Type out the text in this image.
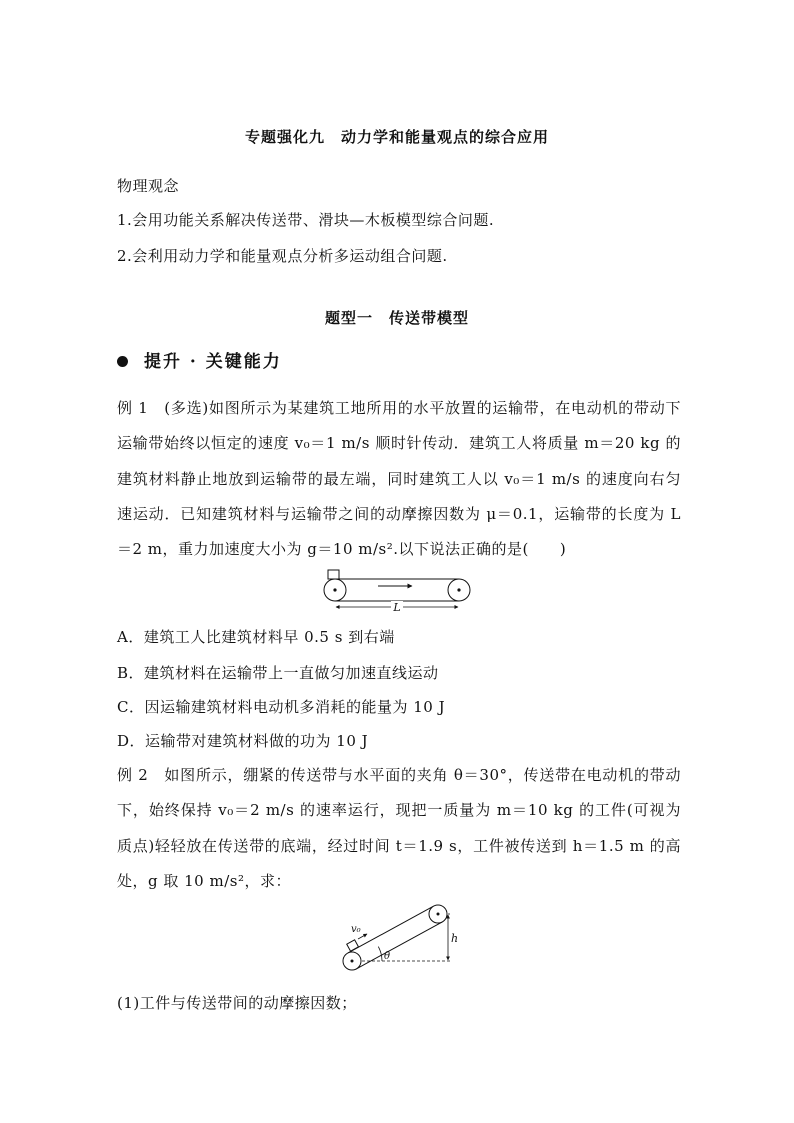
专题强化九　动力学和能量观点的综合应用
物理观念
1.会用功能关系解决传送带、滑块—木板模型综合问题.
2.会利用动力学和能量观点分析多运动组合问题.
题型一　传送带模型
提升 · 关键能力
例 1　(多选)如图所示为某建筑工地所用的水平放置的运输带，在电动机的带动下运输带始终以恒定的速度 v₀＝1 m/s 顺时针传动．建筑工人将质量 m＝20 kg 的建筑材料静止地放到运输带的最左端，同时建筑工人以 v₀＝1 m/s 的速度向右匀速运动．已知建筑材料与运输带之间的动摩擦因数为 μ＝0.1，运输带的长度为 L＝2 m，重力加速度大小为 g＝10 m/s².以下说法正确的是(　　)
L
A．建筑工人比建筑材料早 0.5 s 到右端
B．建筑材料在运输带上一直做匀加速直线运动
C．因运输建筑材料电动机多消耗的能量为 10 J
D．运输带对建筑材料做的功为 10 J
例 2　如图所示，绷紧的传送带与水平面的夹角 θ＝30°，传送带在电动机的带动下，始终保持 v₀＝2 m/s 的速率运行，现把一质量为 m＝10 kg 的工件(可视为质点)轻轻放在传送带的底端，经过时间 t＝1.9 s，工件被传送到 h＝1.5 m 的高处，g 取 10 m/s²，求：
h
v₀
θ
(1)工件与传送带间的动摩擦因数；
